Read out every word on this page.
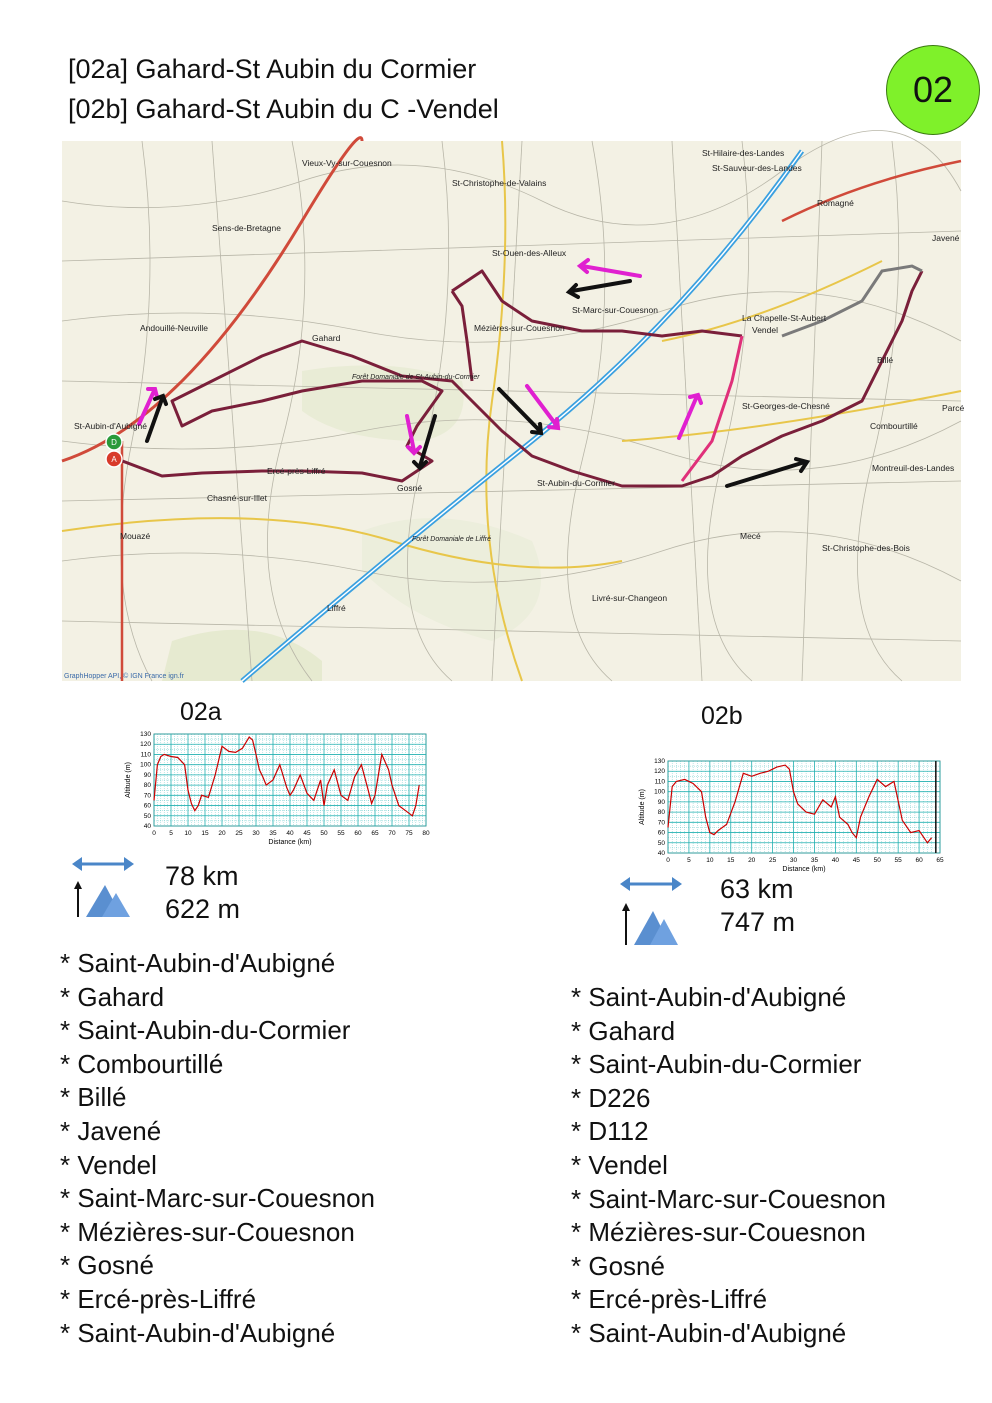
[02a] Gahard-St Aubin du Cormier
[02b] Gahard-St Aubin du C -Vendel	02
A
D
Sens-de-Bretagne
Vieux-Vy-sur-Couesnon
St-Christophe-de-Valains
St-Ouen-des-Alleux
St-Hilaire-des-Landes
St-Sauveur-des-Landes
Romagné
Javené
Andouillé-Neuville
Gahard
Mézières-sur-Couesnon
St-Marc-sur-Couesnon
La Chapelle-St-Aubert
Vendel
Billé
St-Aubin-d'Aubigné
Ercé-près-Liffré
Gosné	St-Aubin-du-Cormier
St-Georges-de-Chesné
Combourtillé
Parcé
Chasné-sur-Illet
Mouazé
Liffré
Livré-sur-Changeon
Mecé
St-Christophe-des-Bois
Montreuil-des-Landes
Forêt Domaniale de St-Aubin-du-Cormier
Forêt Domaniale de Liffré
GraphHopper API, © IGN France ign.fr
02a
0 5 10 15 20 25 30 35 40 45 50 55 60 65 70 75 80
40
50
60
70
80
90
100
110
120
130
Distance (km)
Altitude (m)
02b
0	5 10 15 20 25 30 35 40 45 50 55 60 65
40
50
60
70
80
90
100
110
120
130
Distance (km)
Altitude (m)
78 km
622 m
63 km
747 m
* Saint-Aubin-d'Aubigné
* Gahard
* Saint-Aubin-du-Cormier
* Combourtillé
* Billé
* Javené
* Vendel
* Saint-Marc-sur-Couesnon
* Mézières-sur-Couesnon
* Gosné
* Ercé-près-Liffré
* Saint-Aubin-d'Aubigné
* Saint-Aubin-d'Aubigné
* Gahard
* Saint-Aubin-du-Cormier
* D226
* D112
* Vendel
* Saint-Marc-sur-Couesnon
* Mézières-sur-Couesnon
* Gosné
* Ercé-près-Liffré
* Saint-Aubin-d'Aubigné
